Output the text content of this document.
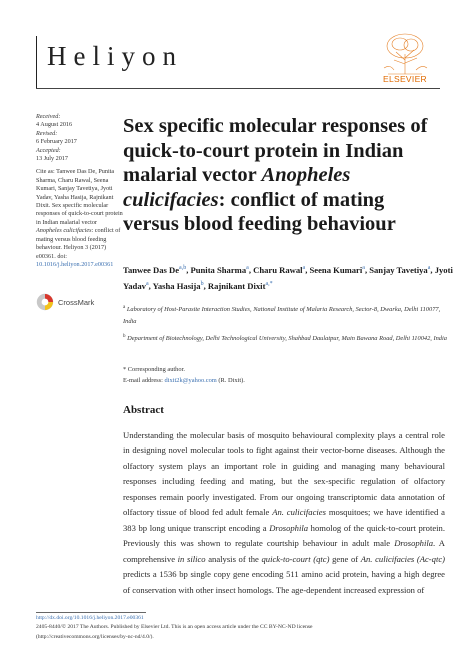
Heliyon
ELSEVIER
Received:
4 August 2016
Revised:
6 February 2017
Accepted:
13 July 2017
Cite as: Tanwee Das De, Punita Sharma, Charu Rawal, Seena Kumari, Sanjay Tavetiya, Jyoti Yadav, Yasha Hasija, Rajnikant Dixit. Sex specific molecular responses of quick-to-court protein in Indian malarial vector Anopheles culicifacies: conflict of mating versus blood feeding behaviour. Heliyon 3 (2017) e00361. doi: 10.1016/j.heliyon.2017.e00361
CrossMark
Sex specific molecular responses of quick-to-court protein in Indian malarial vector Anopheles culicifacies: conflict of mating versus blood feeding behaviour
Tanwee Das De$^{a,b}$, Punita Sharma$^a$, Charu Rawal$^a$, Seena Kumari$^a$, Sanjay Tavetiya$^a$, Jyoti Yadav$^a$, Yasha Hasija$^b$, Rajnikant Dixit$^{a,*}$
$^a$ Laboratory of Host-Parasite Interaction Studies, National Institute of Malaria Research, Sector-8, Dwarka, Delhi 110077, India
$^b$ Department of Biotechnology, Delhi Technological University, Shahbad Daulatpur, Main Bawana Road, Delhi 110042, India
* Corresponding author.
E-mail address: dixit2k@yahoo.com (R. Dixit).
Abstract
Understanding the molecular basis of mosquito behavioural complexity plays a central role in designing novel molecular tools to fight against their vector-borne diseases. Although the olfactory system plays an important role in guiding and managing many behavioural responses including feeding and mating, but the sex-specific regulation of olfactory responses remain poorly investigated. From our ongoing transcriptomic data annotation of olfactory tissue of blood fed adult female An. culicifacies mosquitoes; we have identified a 383 bp long unique transcript encoding a Drosophila homolog of the quick-to-court protein. Previously this was shown to regulate courtship behaviour in adult male Drosophila. A comprehensive in silico analysis of the quick-to-court (qtc) gene of An. culicifacies (Ac-qtc) predicts a 1536 bp single copy gene encoding 511 amino acid protein, having a high degree of conservation with other insect homologs. The age-dependent increased expression of
http://dx.doi.org/10.1016/j.heliyon.2017.e00361
2405-8440/© 2017 The Authors. Published by Elsevier Ltd. This is an open access article under the CC BY-NC-ND license
(http://creativecommons.org/licenses/by-nc-nd/4.0/).
